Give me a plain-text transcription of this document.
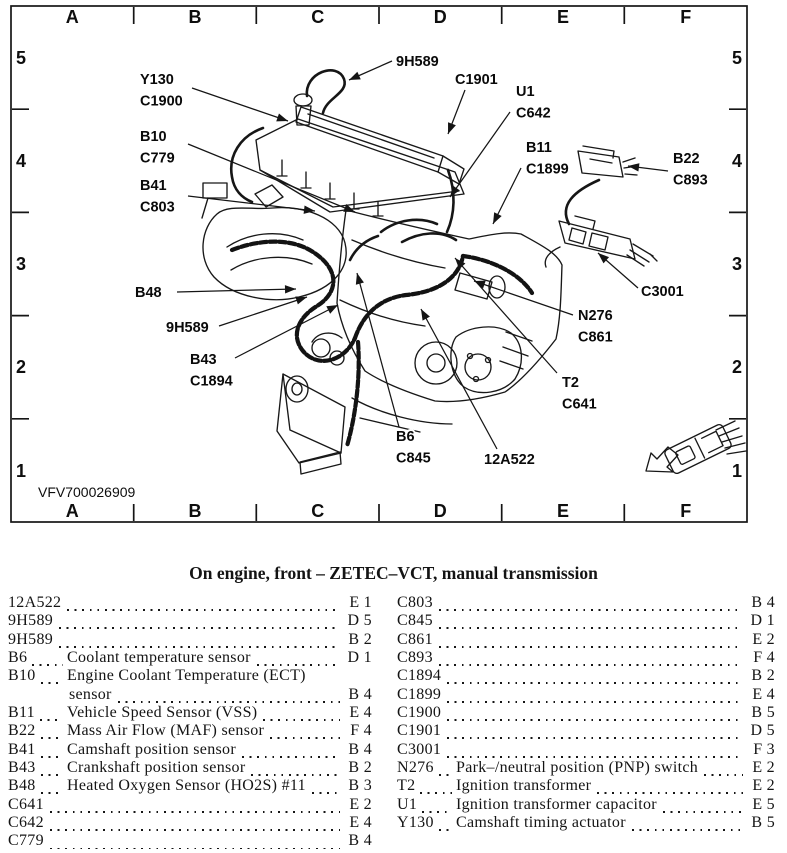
A
A
B
B
C
C
D
D
E
E
F
F
5	5
4	4
3	3
2	2
1	1
9H589
Y130
C1900
C1901
U1
C642
B10
C779
B11
C1899
B22
C893
B41
C803
B48
9H589
B43
C1894
C3001
N276
C861
T2
C641
B6
C845	12A522
VFV700026909
On engine, front – ZETEC–VCT, manual transmission
12A522	E 1
9H589	D 5
9H589	B 2
B6 Coolant temperature sensor	D 1
B10 Engine Coolant Temperature (ECT)
sensor	B 4
B11 Vehicle Speed Sensor (VSS)	E 4
B22 Mass Air Flow (MAF) sensor	F 4
B41 Camshaft position sensor	B 4
B43 Crankshaft position sensor	B 2
B48 Heated Oxygen Sensor (HO2S) #11	B 3
C641	E 2
C642	E 4
C779	B 4
C803	B 4
C845	D 1
C861	E 2
C893	F 4
C1894	B 2
C1899	E 4
C1900	B 5
C1901	D 5
C3001	F 3
N276 Park–/neutral position (PNP) switch	E 2
T2	Ignition transformer	E 2
U1 Ignition transformer capacitor	E 5
Y130 Camshaft timing actuator	B 5
